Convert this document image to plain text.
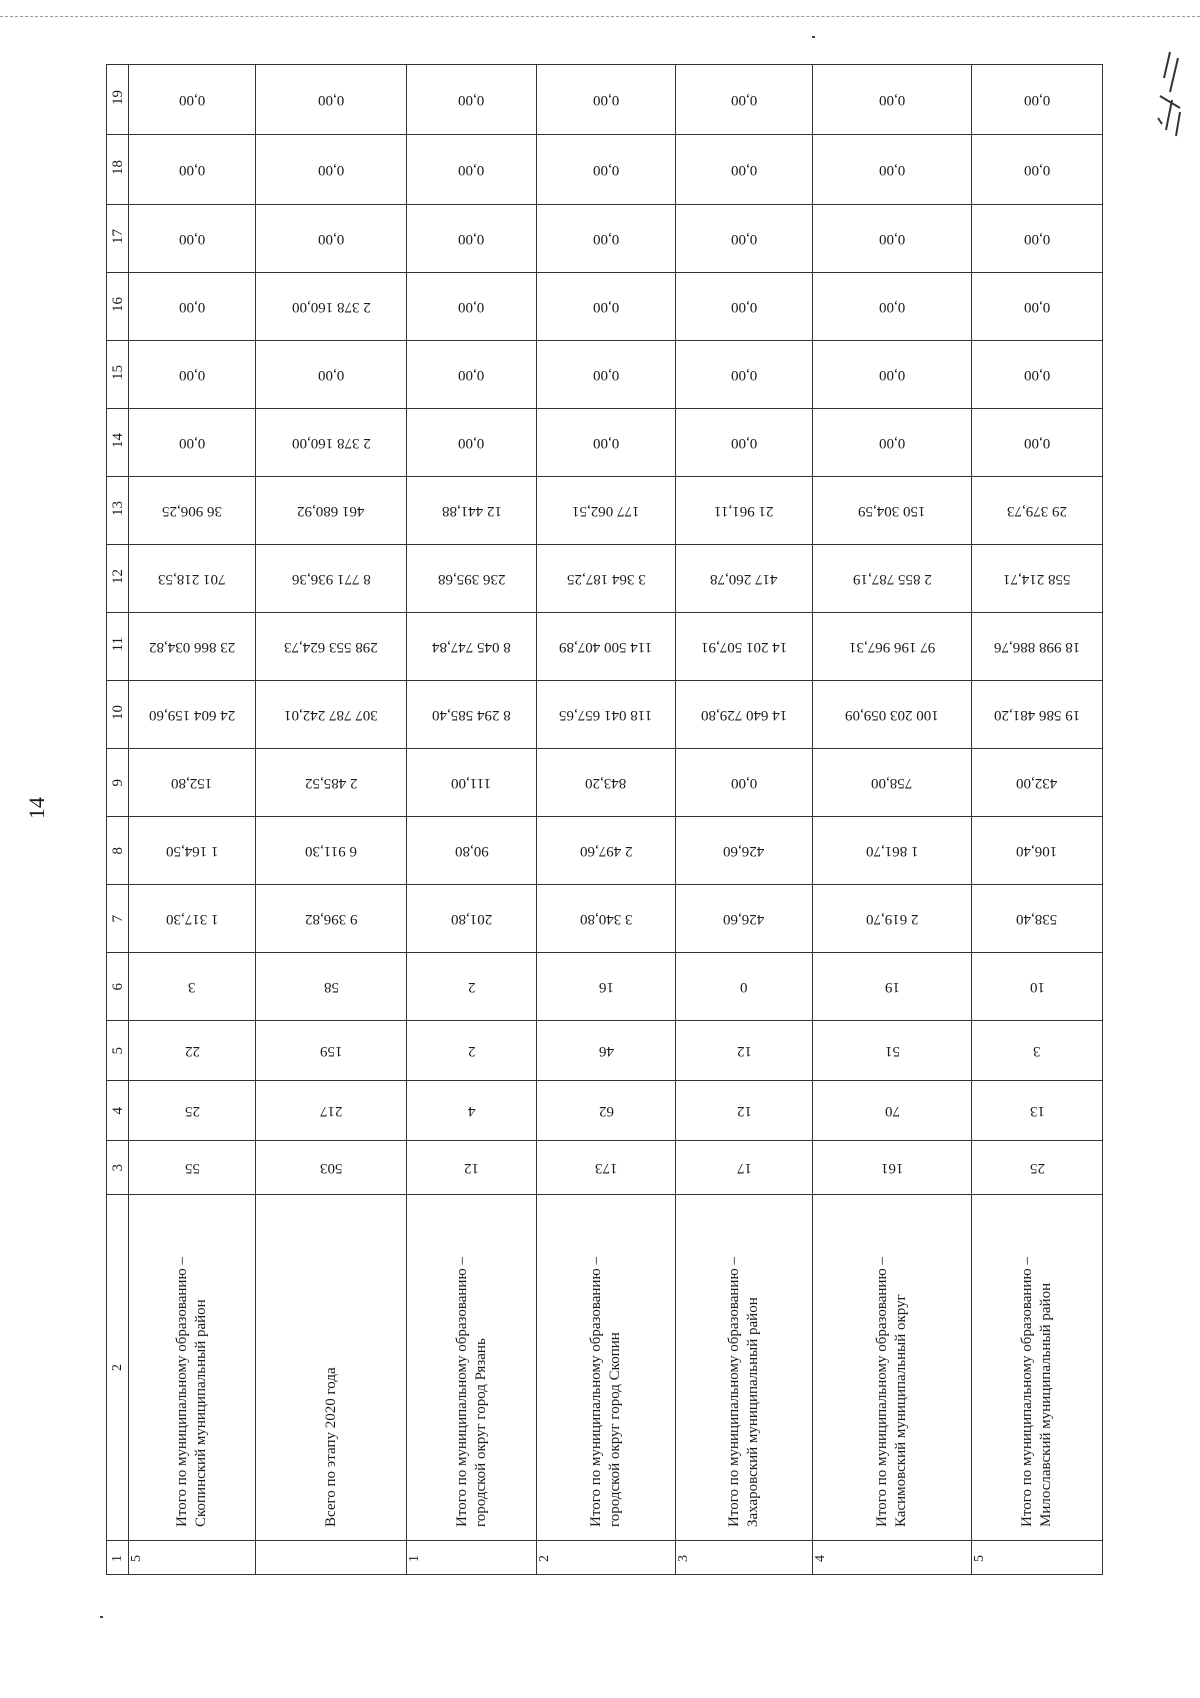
14
19	0,00	0,00	0,00	0,00	0,00	0,00	0,00
18	0,00	0,00	0,00	0,00	0,00	0,00	0,00
17	0,00	0,00	0,00	0,00	0,00	0,00	0,00
16	0,00	2 378 160,00	0,00	0,00	0,00	0,00	0,00
15	0,00	0,00	0,00	0,00	0,00	0,00	0,00
14	0,00	2 378 160,00	0,00	0,00	0,00	0,00	0,00
13	36 906,25	461 680,92	12 441,88	177 062,51	21 961,11	150 304,59	29 379,73
12	701 218,53	8 771 936,36	236 395,68	3 364 187,25	417 260,78	2 855 787,19	558 214,71
11	23 866 034,82	298 553 624,73	8 045 747,84	114 500 407,89	14 201 507,91	97 196 967,31	18 998 886,76
10	24 604 159,60	307 787 242,01	8 294 585,40	118 041 657,65	14 640 729,80	100 203 059,09	19 586 481,20
9	152,80	2 485,52	111,00	843,20	0,00	758,00	432,00
8	1 164,50	6 911,30	90,80	2 497,60	426,60	1 861,70	106,40
7	1 317,30	9 396,82	201,80	3 340,80	426,60	2 619,70	538,40
6	3	58	2	16	0	19	10
5	22	159	2	46	12	51	3
4	25	217	4	62	12	70	13
3	55	503	12	173	17	161	25
2	Итого по муниципальному образованию – Скопинский муниципальный район	Всего по этапу 2020 года	Итого по муниципальному образованию – городской округ город Рязань	Итого по муниципальному образованию – городской округ город Скопин	Итого по муниципальному образованию – Захаровский муниципальный район	Итого по муниципальному образованию – Касимовский муниципальный округ	Итого по муниципальному образованию – Милославский муниципальный район
1	5		1	2	3	4	5
